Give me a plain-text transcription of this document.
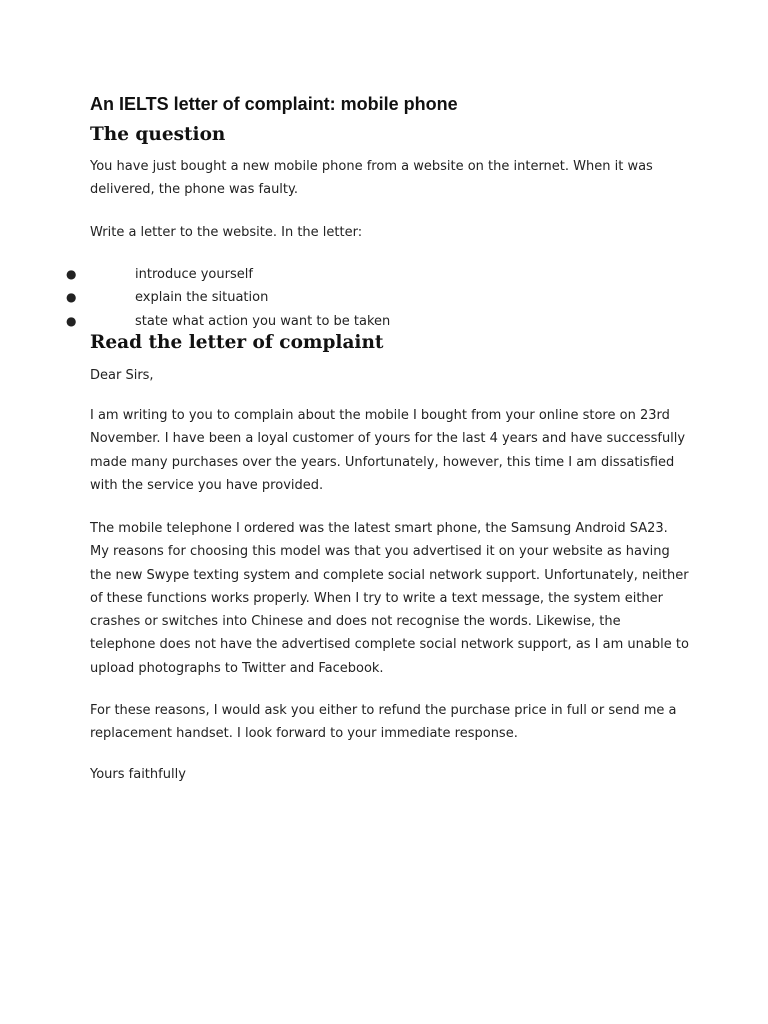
An IELTS letter of complaint: mobile phone
The question

You have just bought a new mobile phone from a website on the internet. When it was delivered, the phone was faulty.

Write a letter to the website. In the letter:

●	introduce yourself
●	explain the situation
●	state what action you want to be taken
Read the letter of complaint

Dear Sirs,

I am writing to you to complain about the mobile I bought from your online store on 23rd November. I have been a loyal customer of yours for the last 4 years and have successfully made many purchases over the years. Unfortunately, however, this time I am dissatisfied with the service you have provided.

The mobile telephone I ordered was the latest smart phone, the Samsung Android SA23. My reasons for choosing this model was that you advertised it on your website as having the new Swype texting system and complete social network support. Unfortunately, neither of these functions works properly. When I try to write a text message, the system either crashes or switches into Chinese and does not recognise the words. Likewise, the telephone does not have the advertised complete social network support, as I am unable to upload photographs to Twitter and Facebook.

For these reasons, I would ask you either to refund the purchase price in full or send me a replacement handset. I look forward to your immediate response.

Yours faithfully
